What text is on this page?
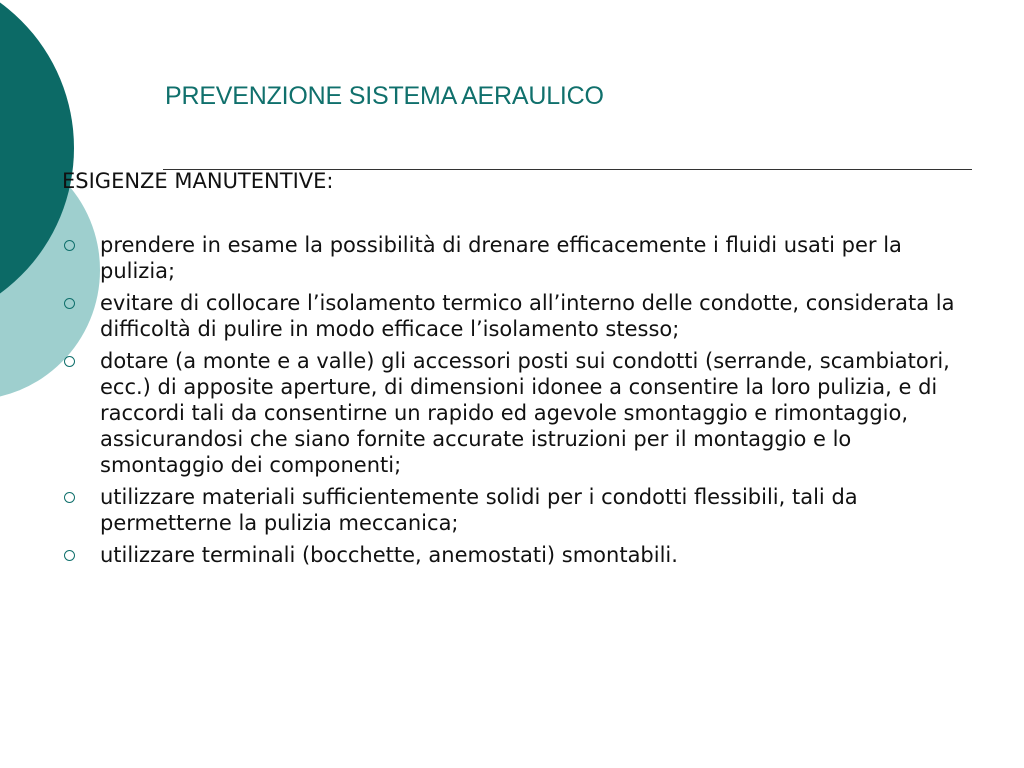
PREVENZIONE SISTEMA AERAULICO
ESIGENZE MANUTENTIVE:
prendere in esame la possibilità di drenare efficacemente i fluidi usati per la pulizia;
evitare di collocare l’isolamento termico all’interno delle condotte, considerata la difficoltà di pulire in modo efficace l’isolamento stesso;
dotare (a monte e a valle) gli accessori posti sui condotti (serrande, scambiatori, ecc.) di apposite aperture, di dimensioni idonee a consentire la loro pulizia, e di raccordi tali da consentirne un rapido ed agevole smontaggio e rimontaggio, assicurandosi che siano fornite accurate istruzioni per il montaggio e lo smontaggio dei componenti;
utilizzare materiali sufficientemente solidi per i condotti flessibili, tali da permetterne la pulizia meccanica;
utilizzare terminali (bocchette, anemostati) smontabili.
